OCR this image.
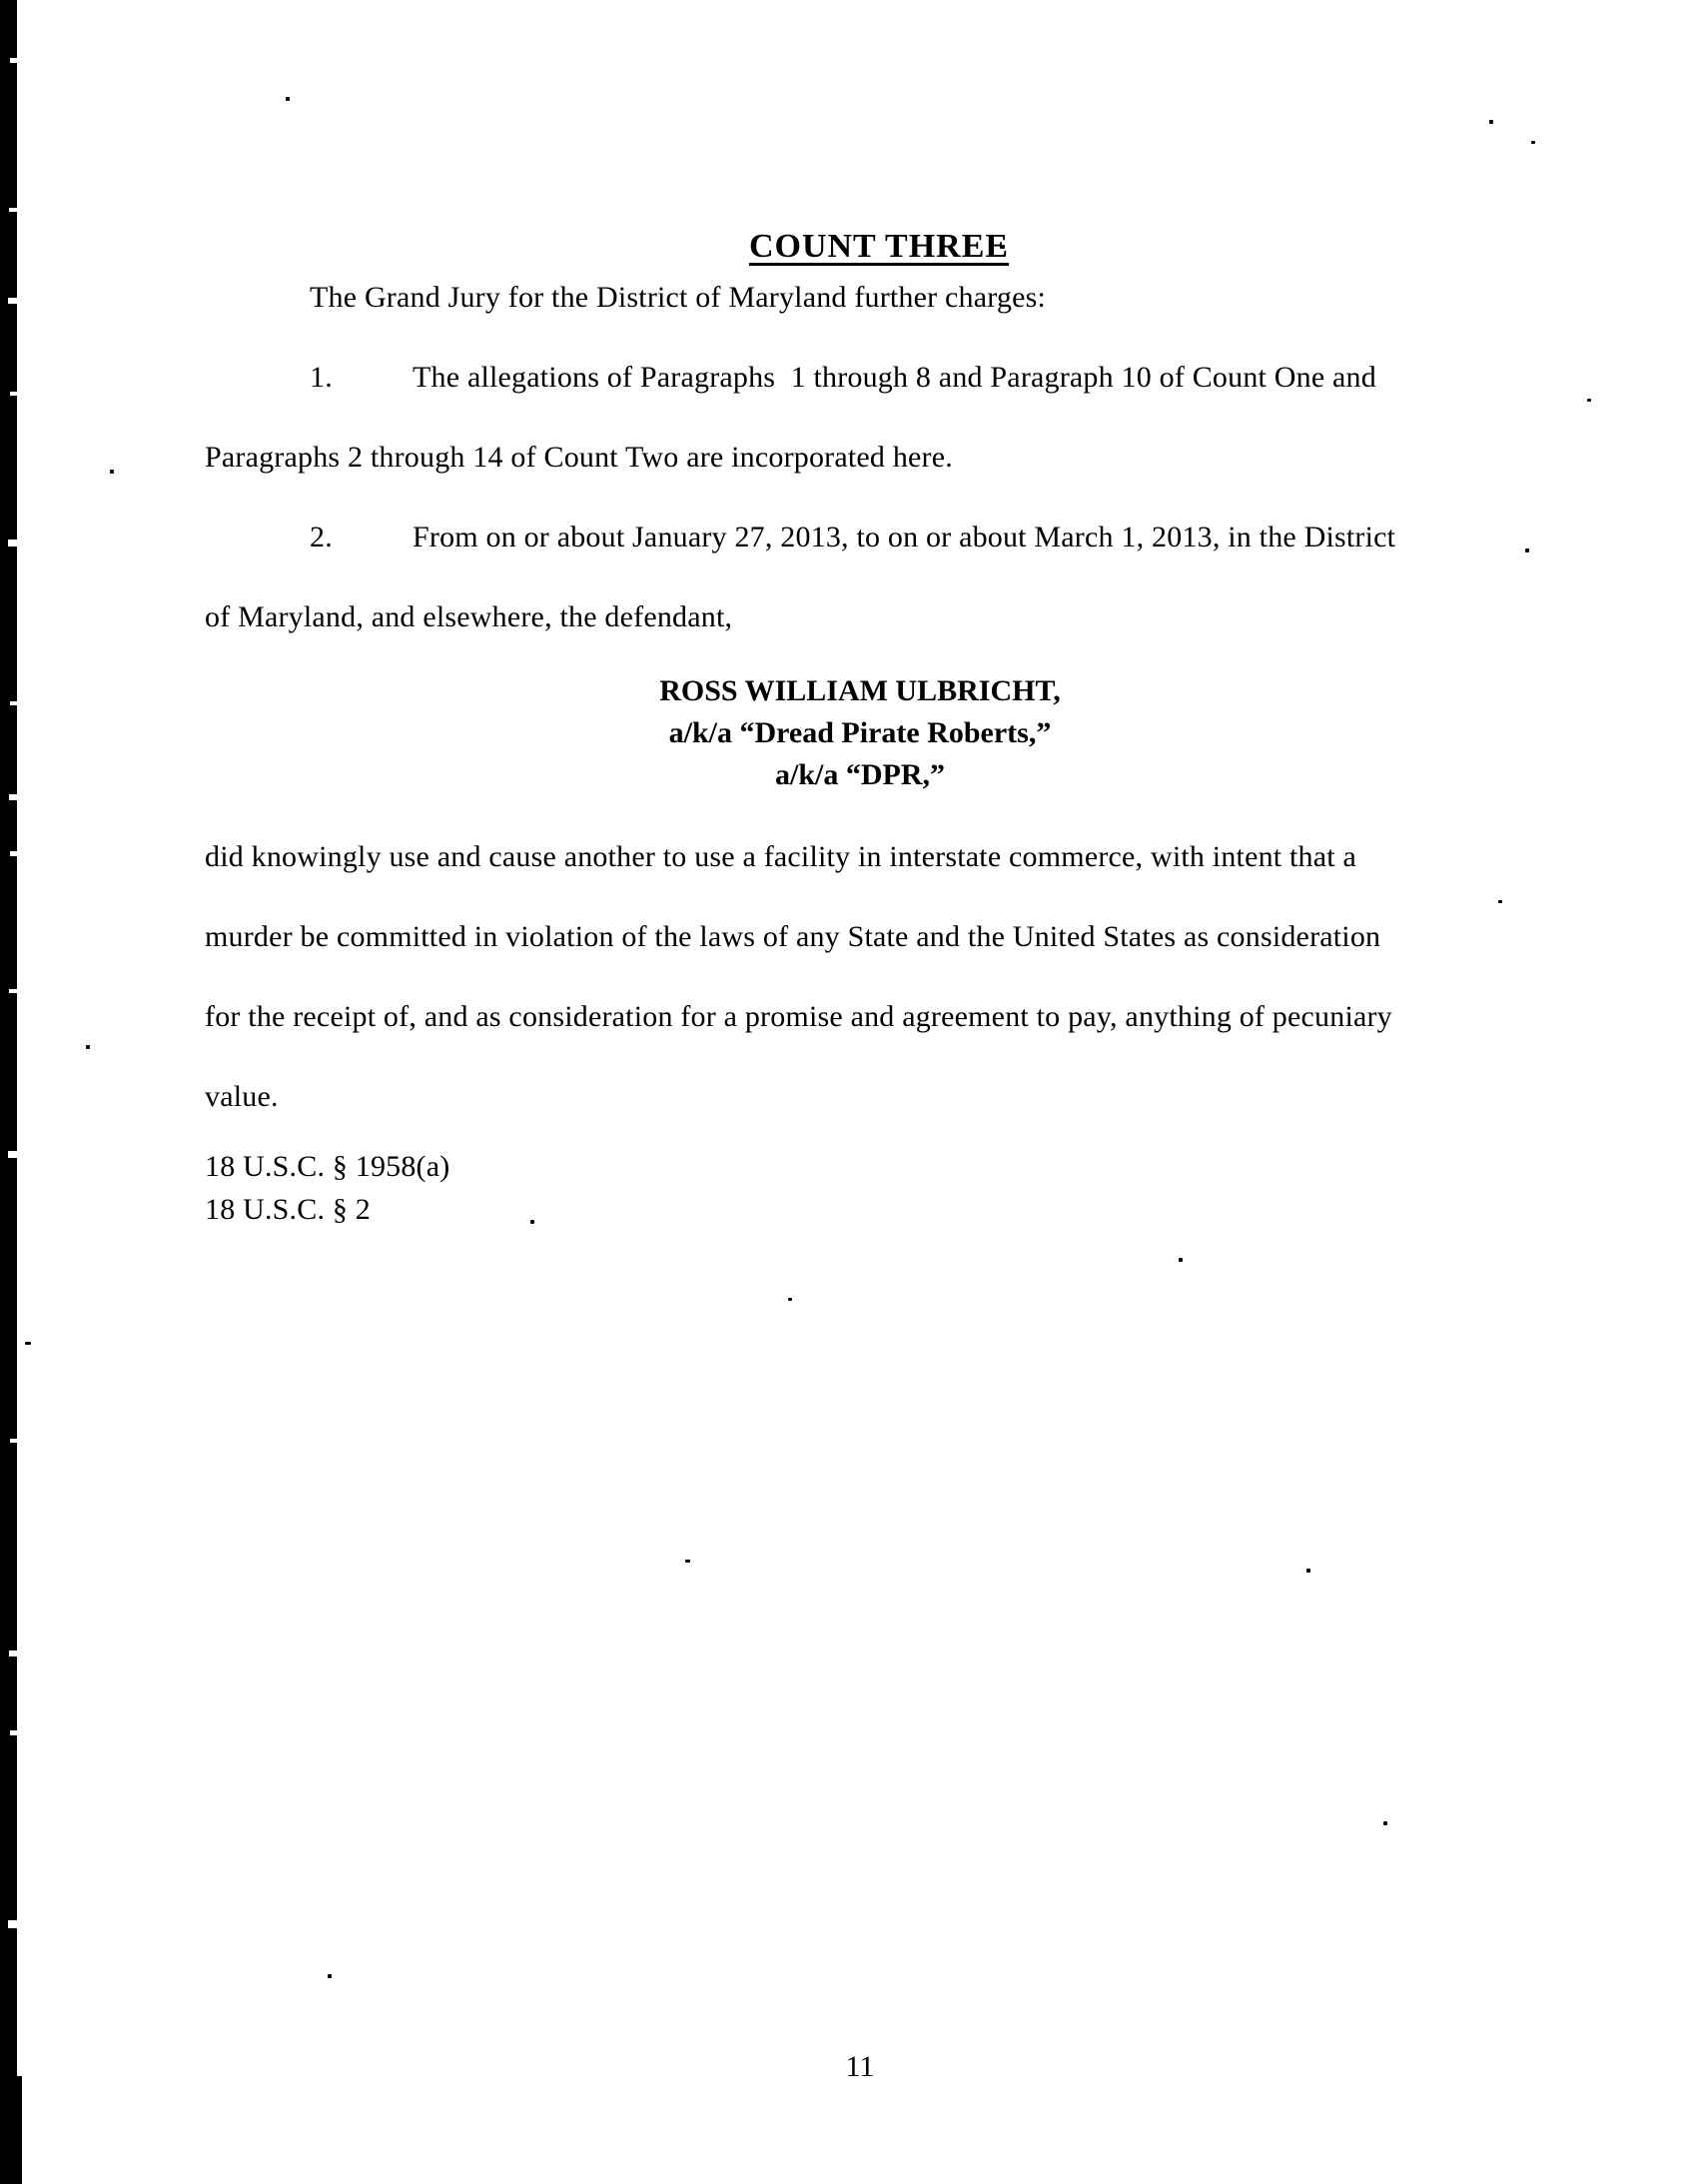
COUNT THREE

The Grand Jury for the District of Maryland further charges:
1.	The allegations of Paragraphs  1 through 8 and Paragraph 10 of Count One and
Paragraphs 2 through 14 of Count Two are incorporated here.
2.	From on or about January 27, 2013, to on or about March 1, 2013, in the District
of Maryland, and elsewhere, the defendant,
ROSS WILLIAM ULBRICHT,
a/k/a “Dread Pirate Roberts,”
a/k/a “DPR,”
did knowingly use and cause another to use a facility in interstate commerce, with intent that a
murder be committed in violation of the laws of any State and the United States as consideration
for the receipt of, and as consideration for a promise and agreement to pay, anything of pecuniary
value.
18 U.S.C. § 1958(a)
18 U.S.C. § 2
11
